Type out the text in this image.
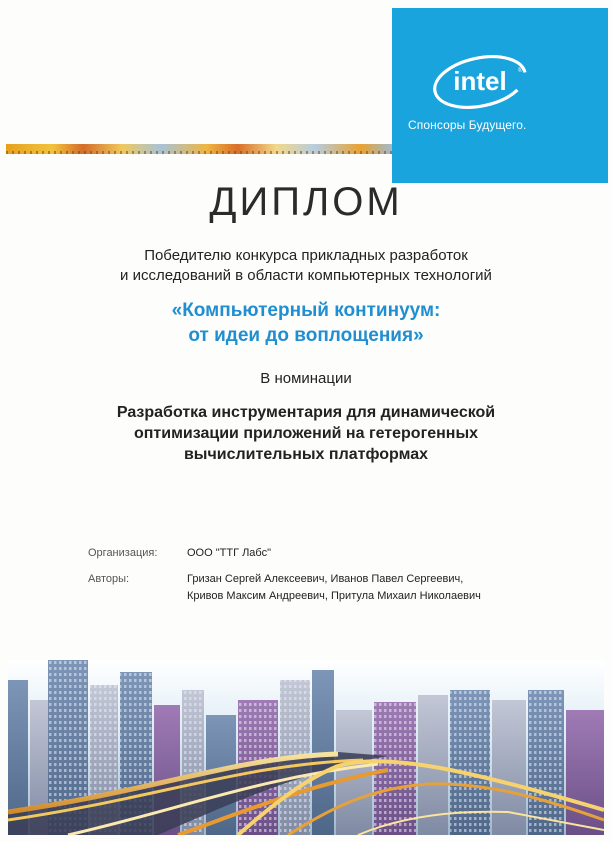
intel ®
Спонсоры Будущего.
ДИПЛОМ
Победителю конкурса прикладных разработок
и исследований в области компьютерных технологий
«Компьютерный континуум:
от идеи до воплощения»
В номинации
Разработка инструментария для динамической
оптимизации приложений на гетерогенных
вычислительных платформах
Организация:	ООО "ТТГ Лабс"
Авторы:	Гризан Сергей Алексеевич, Иванов Павел Сергеевич,
Кривов Максим Андреевич, Притула Михаил Николаевич
